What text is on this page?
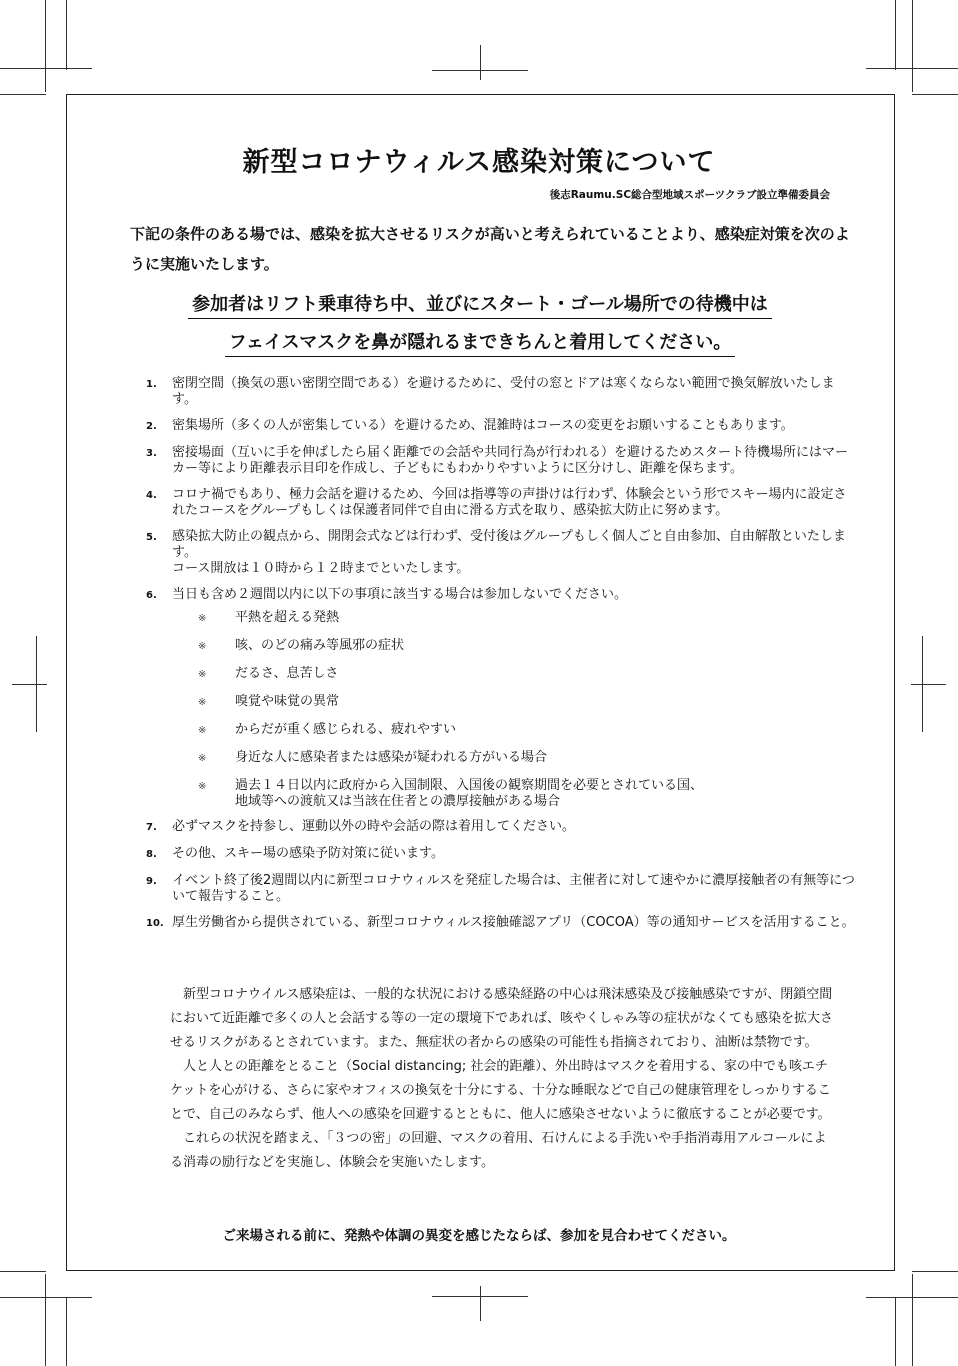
新型コロナウィルス感染対策について
後志Raumu.SC総合型地域スポーツクラブ設立準備委員会
下記の条件のある場では、感染を拡大させるリスクが高いと考えられていることより、感染症対策を次のように実施いたします。
参加者はリフト乗車待ち中、並びにスタート・ゴール場所での待機中は
フェイスマスクを鼻が隠れるまできちんと着用してください。
1.	密閉空間（換気の悪い密閉空間である）を避けるために、受付の窓とドアは寒くならない範囲で換気解放いたします。
2.	密集場所（多くの人が密集している）を避けるため、混雑時はコースの変更をお願いすることもあります。
3.	密接場面（互いに手を伸ばしたら届く距離での会話や共同行為が行われる）を避けるためスタート待機場所にはマーカー等により距離表示目印を作成し、子どもにもわかりやすいように区分けし、距離を保ちます。
4.	コロナ禍でもあり、極力会話を避けるため、今回は指導等の声掛けは行わず、体験会という形でスキー場内に設定されたコースをグループもしくは保護者同伴で自由に滑る方式を取り、感染拡大防止に努めます。
5.	感染拡大防止の観点から、開閉会式などは行わず、受付後はグループもしく個人ごと自由参加、自由解散といたします。
コース開放は１０時から１２時までといたします。
6.	当日も含め２週間以内に以下の事項に該当する場合は参加しないでください。
※	平熱を超える発熱
※	咳、のどの痛み等風邪の症状
※	だるさ、息苦しさ
※	嗅覚や味覚の異常
※	からだが重く感じられる、疲れやすい
※	身近な人に感染者または感染が疑われる方がいる場合
※	過去１４日以内に政府から入国制限、入国後の観察期間を必要とされている国、
地域等への渡航又は当該在住者との濃厚接触がある場合
7.	必ずマスクを持参し、運動以外の時や会話の際は着用してください。
8.	その他、スキー場の感染予防対策に従います。
9.	イベント終了後2週間以内に新型コロナウィルスを発症した場合は、主催者に対して速やかに濃厚接触者の有無等について報告すること。
10. 厚生労働省から提供されている、新型コロナウィルス接触確認アプリ（COCOA）等の通知サービスを活用すること。

　新型コロナウイルス感染症は、一般的な状況における感染経路の中心は飛沫感染及び接触感染ですが、閉鎖空間において近距離で多くの人と会話する等の一定の環境下であれば、咳やくしゃみ等の症状がなくても感染を拡大させるリスクがあるとされています。また、無症状の者からの感染の可能性も指摘されており、油断は禁物です。

　人と人との距離をとること（Social distancing; 社会的距離）、外出時はマスクを着用する、家の中でも咳エチケットを心がける、さらに家やオフィスの換気を十分にする、十分な睡眠などで自己の健康管理をしっかりすることで、自己のみならず、他人への感染を回避するとともに、他人に感染させないように徹底することが必要です。

　これらの状況を踏まえ、「３つの密」の回避、マスクの着用、石けんによる手洗いや手指消毒用アルコールによる消毒の励行などを実施し、体験会を実施いたします。

ご来場される前に、発熱や体調の異変を感じたならば、参加を見合わせてください。
